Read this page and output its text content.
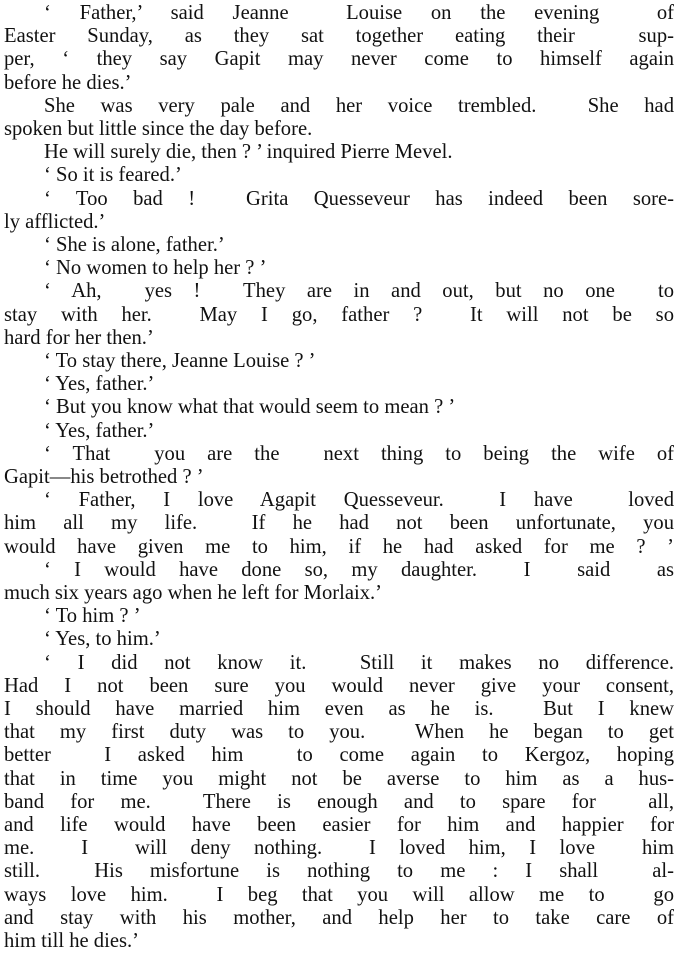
‘ Father,’ said Jeanne  Louise on the evening  of
Easter Sunday, as they sat together eating their  sup-
per, ‘ they say Gapit may never come to himself again
before he dies.’
She was very pale and her voice trembled.  She had
spoken but little since the day before.
He will surely die, then ? ’ inquired Pierre Mevel.
‘ So it is feared.’
‘ Too bad !  Grita Quesseveur has indeed been sore-
ly afflicted.’
‘ She is alone, father.’
‘ No women to help her ? ’
‘ Ah,  yes !  They are in and out, but no one  to
stay with her.  May I go, father ?  It will not be so
hard for her then.’
‘ To stay there, Jeanne Louise ? ’
‘ Yes, father.’
‘ But you know what that would seem to mean ? ’
‘ Yes, father.’
‘ That  you are the  next thing to being the wife of
Gapit—his betrothed ? ’
‘ Father, I love Agapit Quesseveur.  I have  loved
him all my life.  If he had not been unfortunate, you
would have given me to him, if he had asked for me ? ’
‘ I would have done so, my daughter.  I  said  as
much six years ago when he left for Morlaix.’
‘ To him ? ’
‘ Yes, to him.’
‘ I did not know it.  Still it makes no difference.
Had I not been sure you would never give your consent,
I should have married him even as he is.  But I knew
that my first duty was to you.  When he began to get
better  I asked him  to come again to Kergoz, hoping
that in time you might not be averse to him as a hus-
band for me.  There is enough and to spare for  all,
and life would have been easier for him and happier for
me.  I  will deny nothing.  I loved him, I love  him
still.  His misfortune is nothing to me : I shall  al-
ways love him.  I beg that you will allow me to  go
and stay with his mother, and help her to take care of
him till he dies.’
